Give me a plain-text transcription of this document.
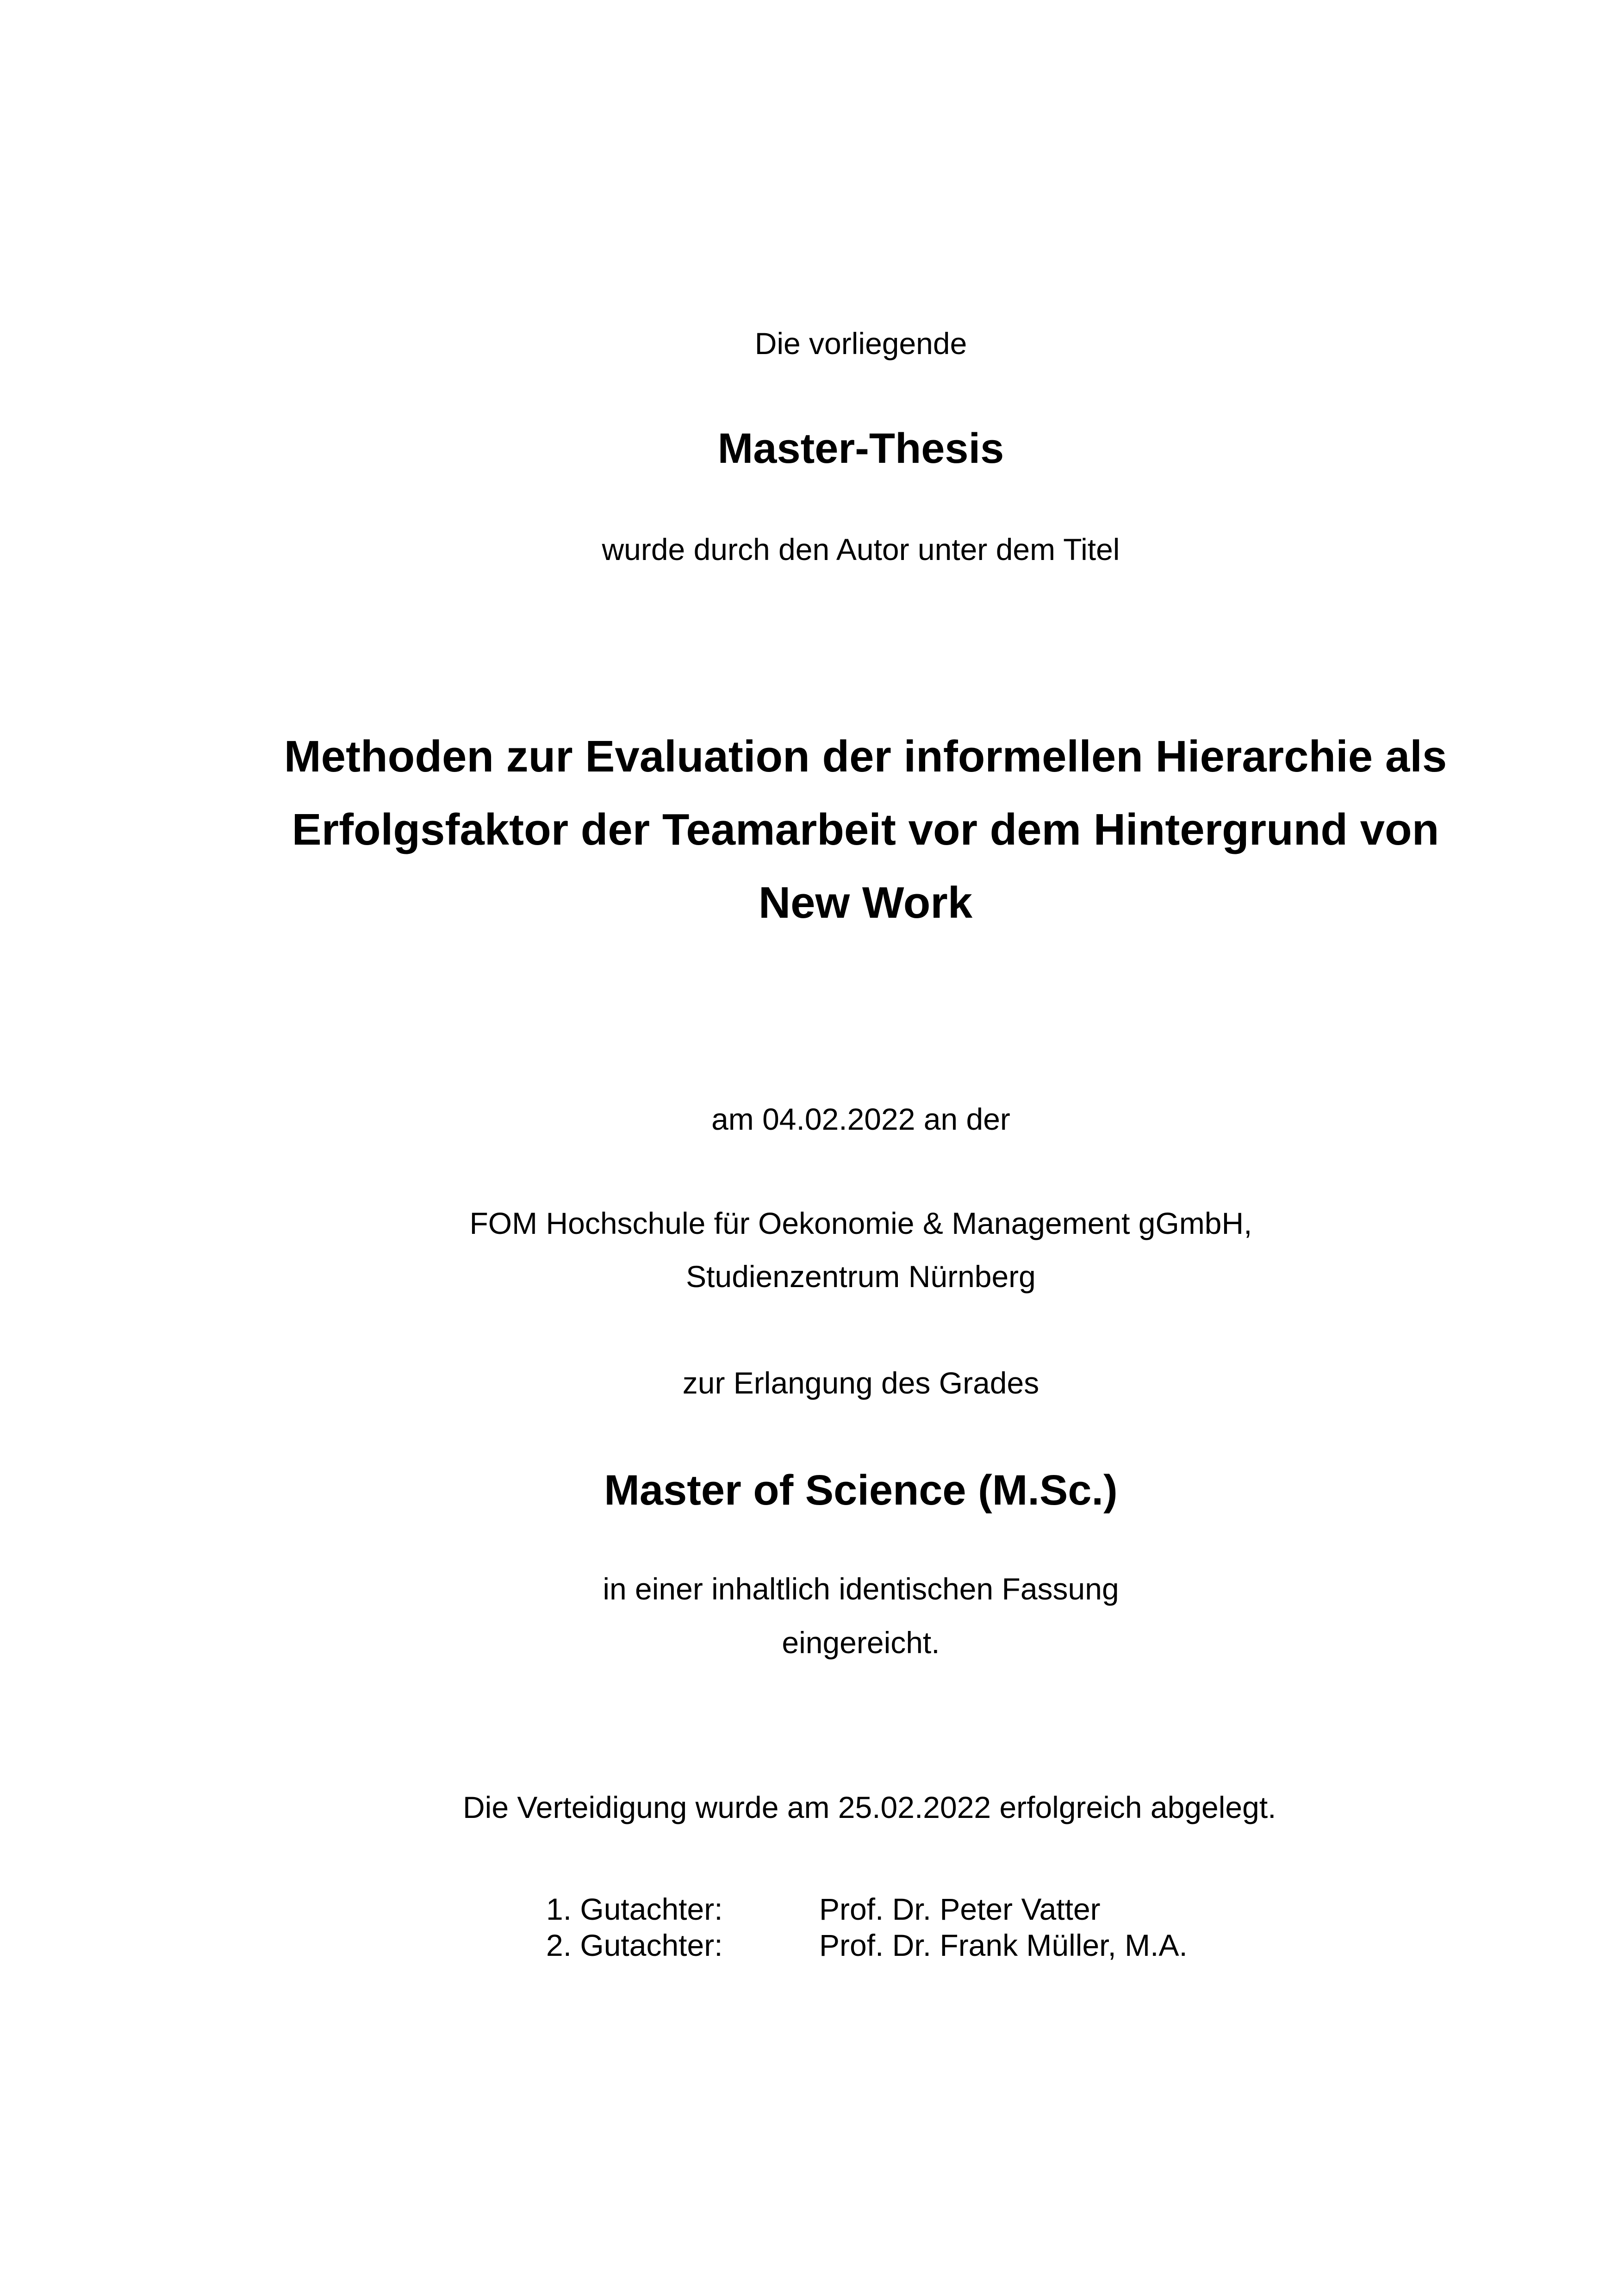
Die vorliegende

Master-Thesis

wurde durch den Autor unter dem Titel

Methoden zur Evaluation der informellen Hierarchie als
Erfolgsfaktor der Teamarbeit vor dem Hintergrund von
New Work

am 04.02.2022 an der

FOM Hochschule für Oekonomie & Management gGmbH,

Studienzentrum Nürnberg

zur Erlangung des Grades

Master of Science (M.Sc.)

in einer inhaltlich identischen Fassung

eingereicht.

Die Verteidigung wurde am 25.02.2022 erfolgreich abgelegt.

1. Gutachter:	Prof. Dr. Peter Vatter
2. Gutachter:	Prof. Dr. Frank Müller, M.A.
